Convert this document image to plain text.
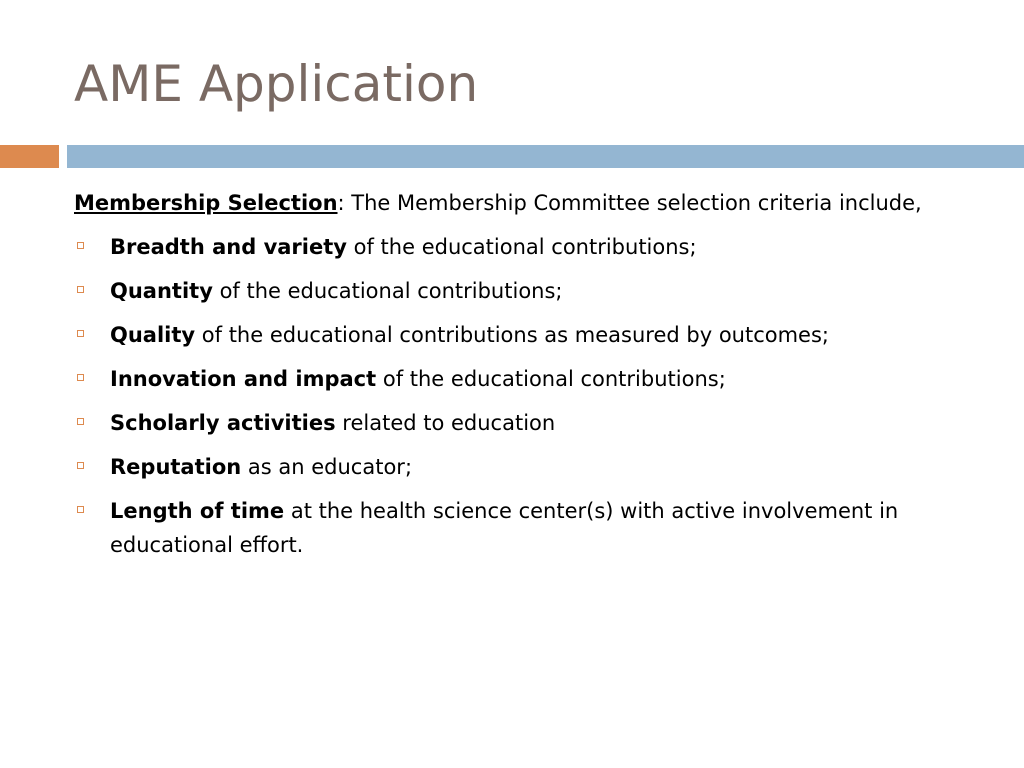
AME Application

Membership Selection: The Membership Committee selection criteria include,

Breadth and variety of the educational contributions;
Quantity of the educational contributions;
Quality of the educational contributions as measured by outcomes;
Innovation and impact of the educational contributions;
Scholarly activities related to education
Reputation as an educator;
Length of time at the health science center(s) with active involvement in educational effort.
